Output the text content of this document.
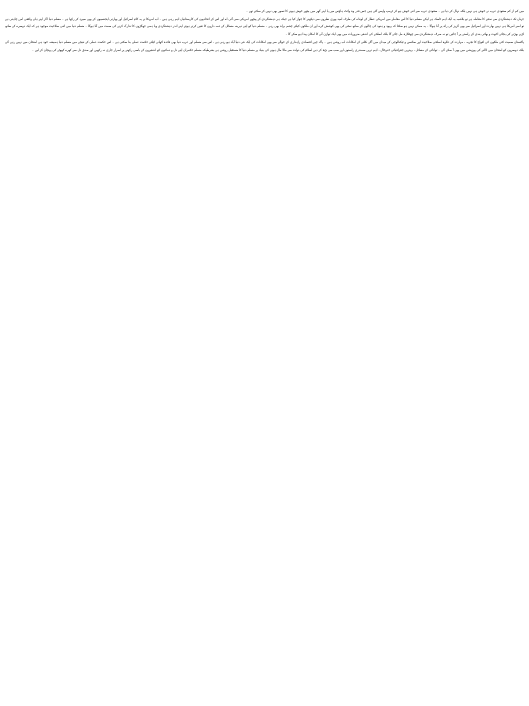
میں کم از کم سعودی عرب نے خوش ہی نہیں بلکہ نہال کر دیا ہے ۔ سعودی عرب سے اتنے خوش ہو کر ٹرمپ واپس گئے ہیں جس قدر وہ وائٹ ہاؤس میں یا اپنے گھر میں بیٹھے خوش ہونے کا تصور بھی نہیں کر سکتے تھے ۔

جہاں تک دہشتگردی سے نمٹنے کا معاملہ ہے تو بلاشبہ یہ ایک اہم ٹاسک ہے لیکن مسلم دنیا کا اس معاملے میں امریکی عطار کے لونڈے کی طرف امید بھری نظروں سے دیکھنے کا جواز کیا ہے جبکہ ہر دہشتگردی کے پیچھے امریکی سی آئی اے اور اس کے اتحادیوں کی کارستانیاں اہم رہی ہیں ۔ اب امریکا نے یہ کام اسرائیل اور بھارتی ایجنسیوں کے بھی سپرد کر رکھا ہے ۔ مسلم دنیا اگر اپنے ہاں واقعی امن چاہتی ہے تو اسے امریکا ہی نہیں بھارت اور اسرائیل سے بھی گریز کی راہ پر آنا ہوگا ۔ یہ ممکن نہیں ہو سکتا کہ یہود و ہنود کی چالوں کے ساتھ نمٹنے کی بھی کوشش کرے اور ان ملکوں کیلئے چشم براہ بھی رہے ۔ مسلم دنیا کو اپنے دیرینہ مسائل کے ذمہ داروں کا تعین کرتے ہوئے اپنے اندر دہشتگردی وبا ہمی جھگڑوں کا تدارک کرنے کی سمت میں آنا ہوگا ۔ مسلم دنیا میں اتنی صلاحیت موجود ہے کہ ایک دوسرے کے ساتھ لڑنے بھڑنے کی بجائے اخوت و بھائی بندی کے راستے پر آ جائیں تو نہ صرف دہشتگردی سے چھٹکارہ مل جائے گا بلکہ اسلحے کی اندھی ضروریات میں بھی ایک توازن آنے کا امکان پیدا ہو سکے گا ۔

پاکستان سمیت کئی ملکوں کی افواج کا تجربہ ، مہارت کے علاوہ اسلحی صلاحیت اور سائنس و ٹیکنالوجی کے میدان میں آگے نکلنے کے امکانات اب روشن ہیں ۔ پاک چین اقتصادی راہداری کے حوالے سے بھی امکانات کی ایک نئی دنیا آباد ہو رہی ہے ، اس سے مسلم اور عرب دنیا بھی فائدہ اٹھانے کیلئے حکمت عملی بنا سکتی ہے ۔ اس حکمت عملی کے نتیجے میں مسلم دنیا ہمیشہ خود ہی امتحان میں نہیں رہے گی بلکہ دوسروں کو امتحان میں ڈالنے کی پوزیشن میں بھی آ سکے گی ۔ توانائی کے مسائل ، بہترین جغرافیائی خدوخال ، اہم ترین سمندری راستوں اور سب سے بڑھ کر دین اسلام کی دولت سے مالا مال ہونے کی بنیاد پر مسلم دنیا کا مستقبل روشن ہے بشرطیکہ مسلم حکمران اپنے دل و دماغوں کو اندھیروں کے باسی رکھنے پر اصرار جاری نہ رکھیں اور صدق دل سے کھرے کھوٹے کی پہچان کر لیں ۔
